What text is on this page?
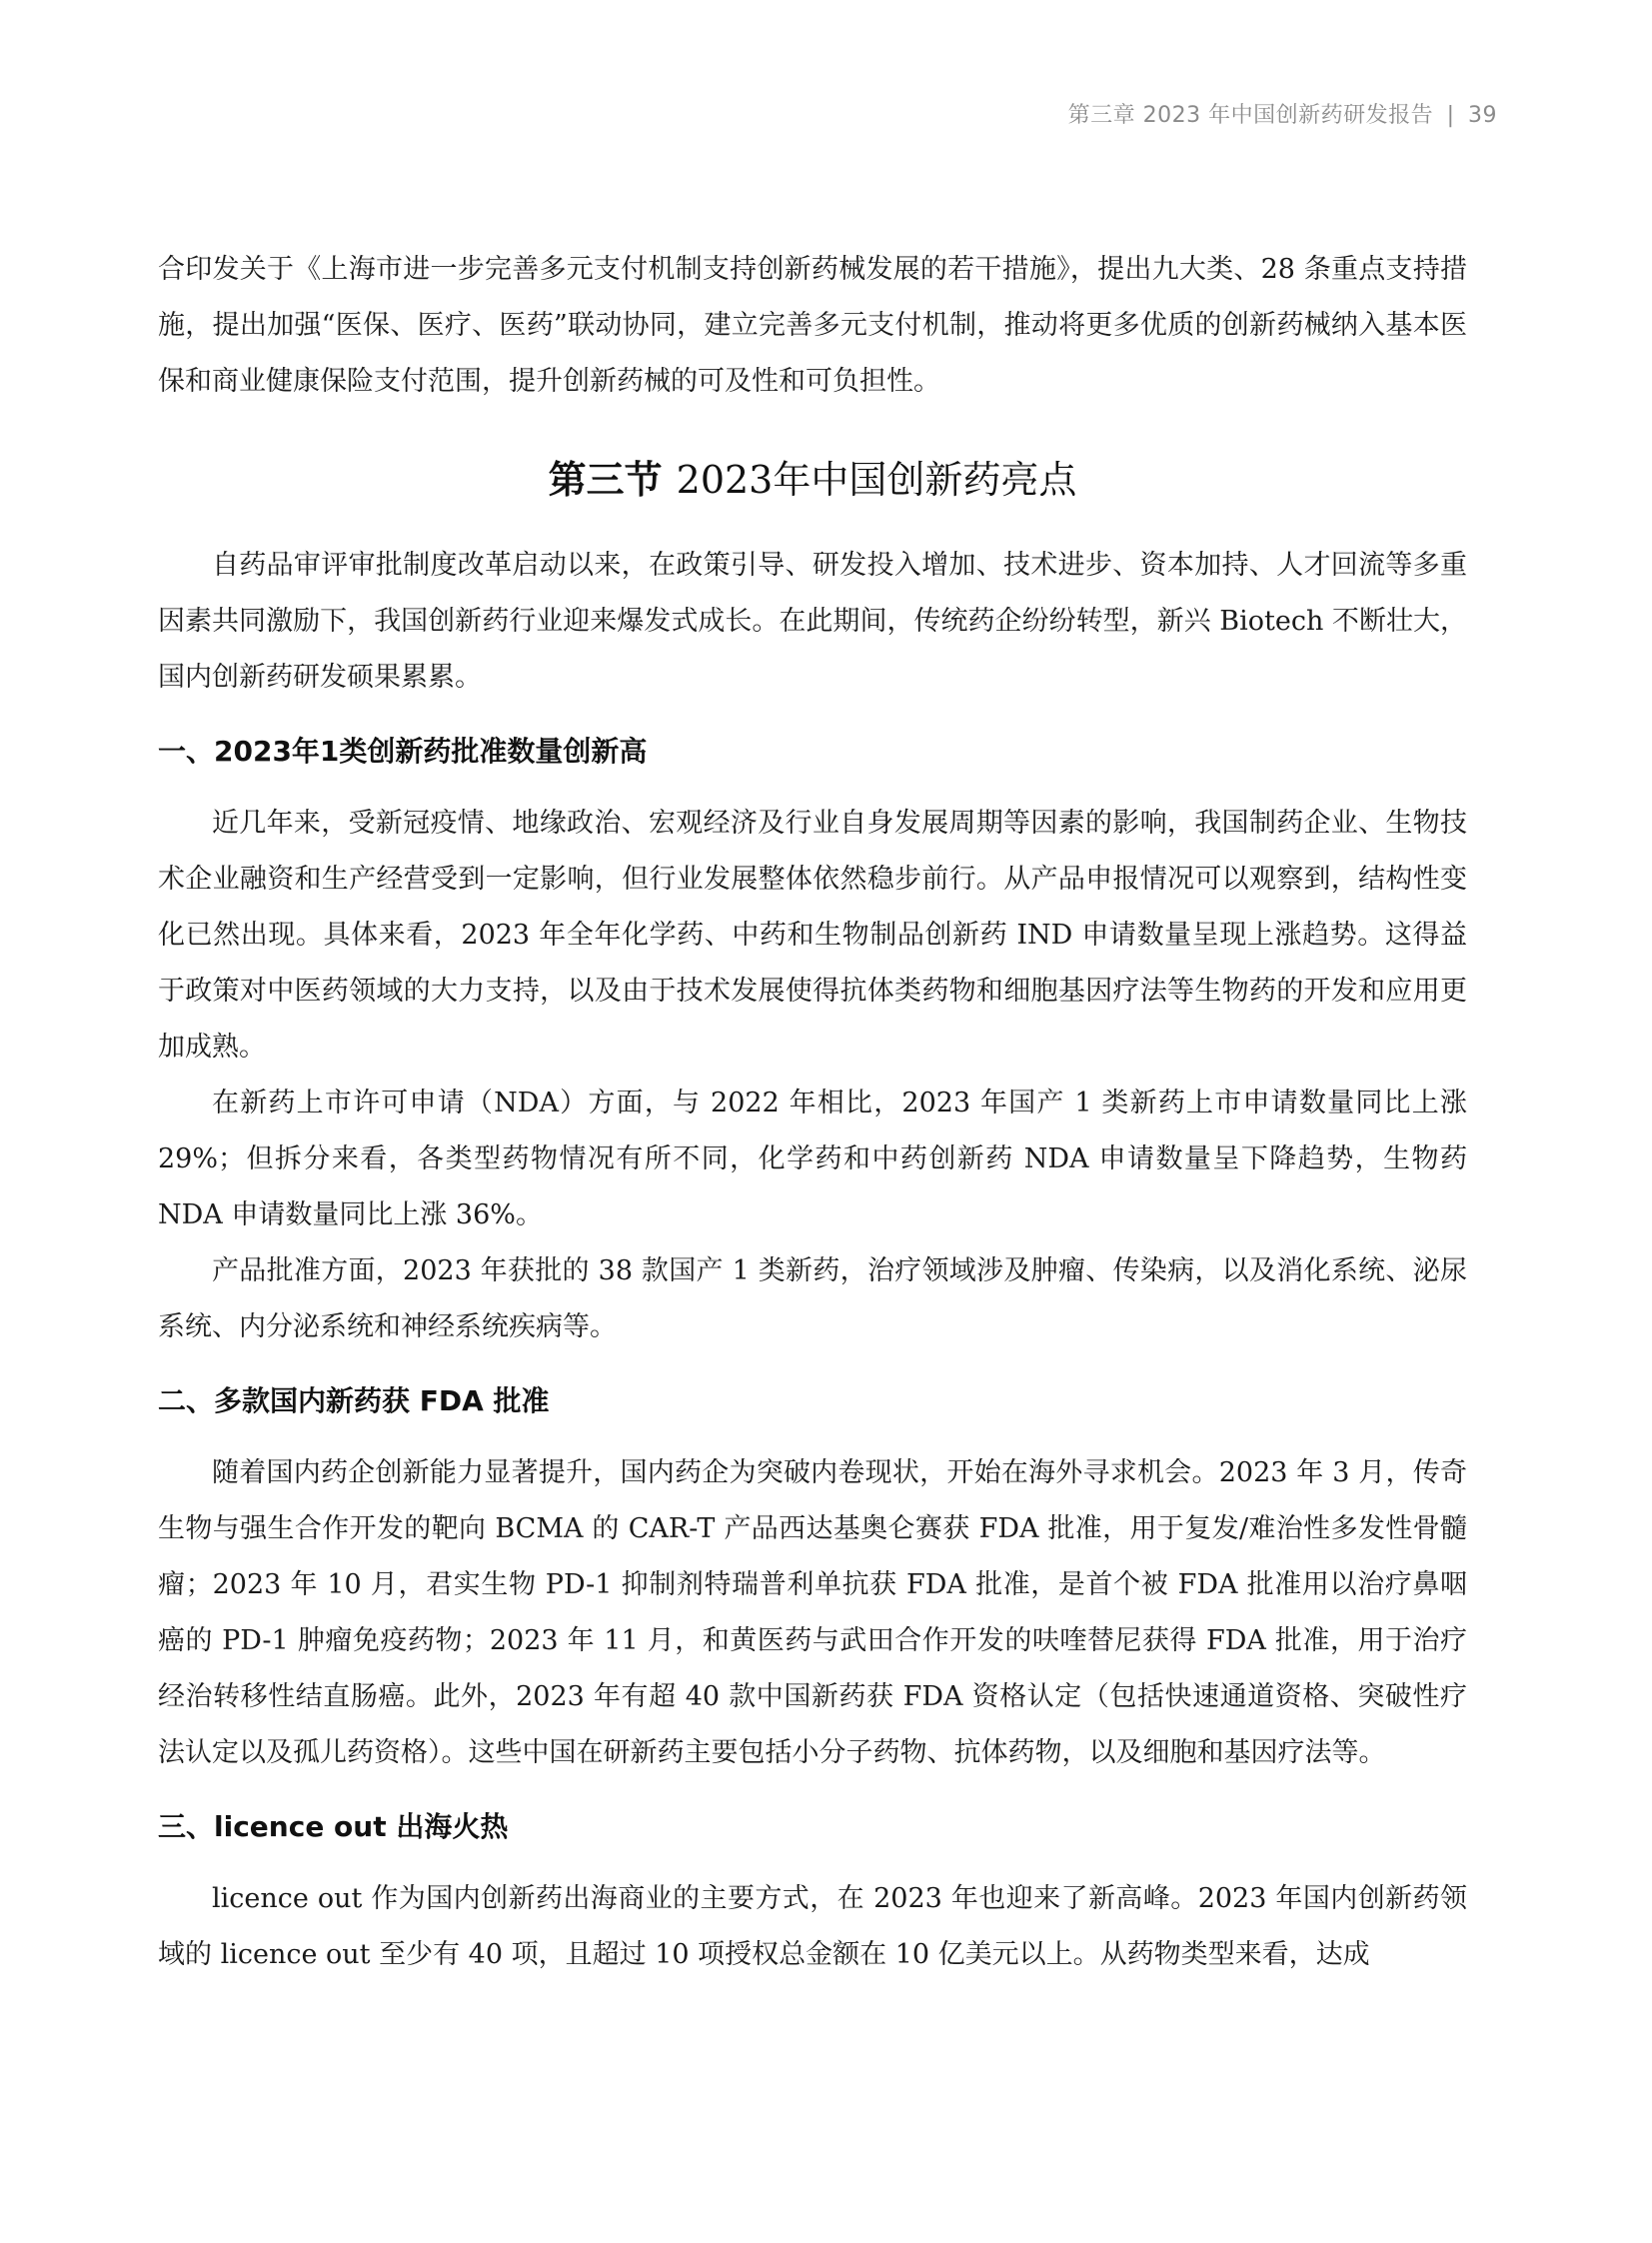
第三章 2023 年中国创新药研发报告 | 39

合印发关于《上海市进一步完善多元支付机制支持创新药械发展的若干措施》，提出九大类、28 条重点支持措施，提出加强“医保、医疗、医药”联动协同，建立完善多元支付机制，推动将更多优质的创新药械纳入基本医保和商业健康保险支付范围，提升创新药械的可及性和可负担性。

第三节 2023年中国创新药亮点

自药品审评审批制度改革启动以来，在政策引导、研发投入增加、技术进步、资本加持、人才回流等多重因素共同激励下，我国创新药行业迎来爆发式成长。在此期间，传统药企纷纷转型，新兴 Biotech 不断壮大，国内创新药研发硕果累累。

一、2023年1类创新药批准数量创新高

近几年来，受新冠疫情、地缘政治、宏观经济及行业自身发展周期等因素的影响，我国制药企业、生物技术企业融资和生产经营受到一定影响，但行业发展整体依然稳步前行。从产品申报情况可以观察到，结构性变化已然出现。具体来看，2023 年全年化学药、中药和生物制品创新药 IND 申请数量呈现上涨趋势。这得益于政策对中医药领域的大力支持，以及由于技术发展使得抗体类药物和细胞基因疗法等生物药的开发和应用更加成熟。

在新药上市许可申请（NDA）方面，与 2022 年相比，2023 年国产 1 类新药上市申请数量同比上涨 29%；但拆分来看，各类型药物情况有所不同，化学药和中药创新药 NDA 申请数量呈下降趋势，生物药 NDA 申请数量同比上涨 36%。

产品批准方面，2023 年获批的 38 款国产 1 类新药，治疗领域涉及肿瘤、传染病，以及消化系统、泌尿系统、内分泌系统和神经系统疾病等。

二、多款国内新药获 FDA 批准

随着国内药企创新能力显著提升，国内药企为突破内卷现状，开始在海外寻求机会。2023 年 3 月，传奇生物与强生合作开发的靶向 BCMA 的 CAR-T 产品西达基奥仑赛获 FDA 批准，用于复发/难治性多发性骨髓瘤；2023 年 10 月，君实生物 PD-1 抑制剂特瑞普利单抗获 FDA 批准，是首个被 FDA 批准用以治疗鼻咽癌的 PD-1 肿瘤免疫药物；2023 年 11 月，和黄医药与武田合作开发的呋喹替尼获得 FDA 批准，用于治疗经治转移性结直肠癌。此外，2023 年有超 40 款中国新药获 FDA 资格认定（包括快速通道资格、突破性疗法认定以及孤儿药资格）。这些中国在研新药主要包括小分子药物、抗体药物，以及细胞和基因疗法等。

三、licence out 出海火热

licence out 作为国内创新药出海商业的主要方式，在 2023 年也迎来了新高峰。2023 年国内创新药领域的 licence out 至少有 40 项，且超过 10 项授权总金额在 10 亿美元以上。从药物类型来看，达成
